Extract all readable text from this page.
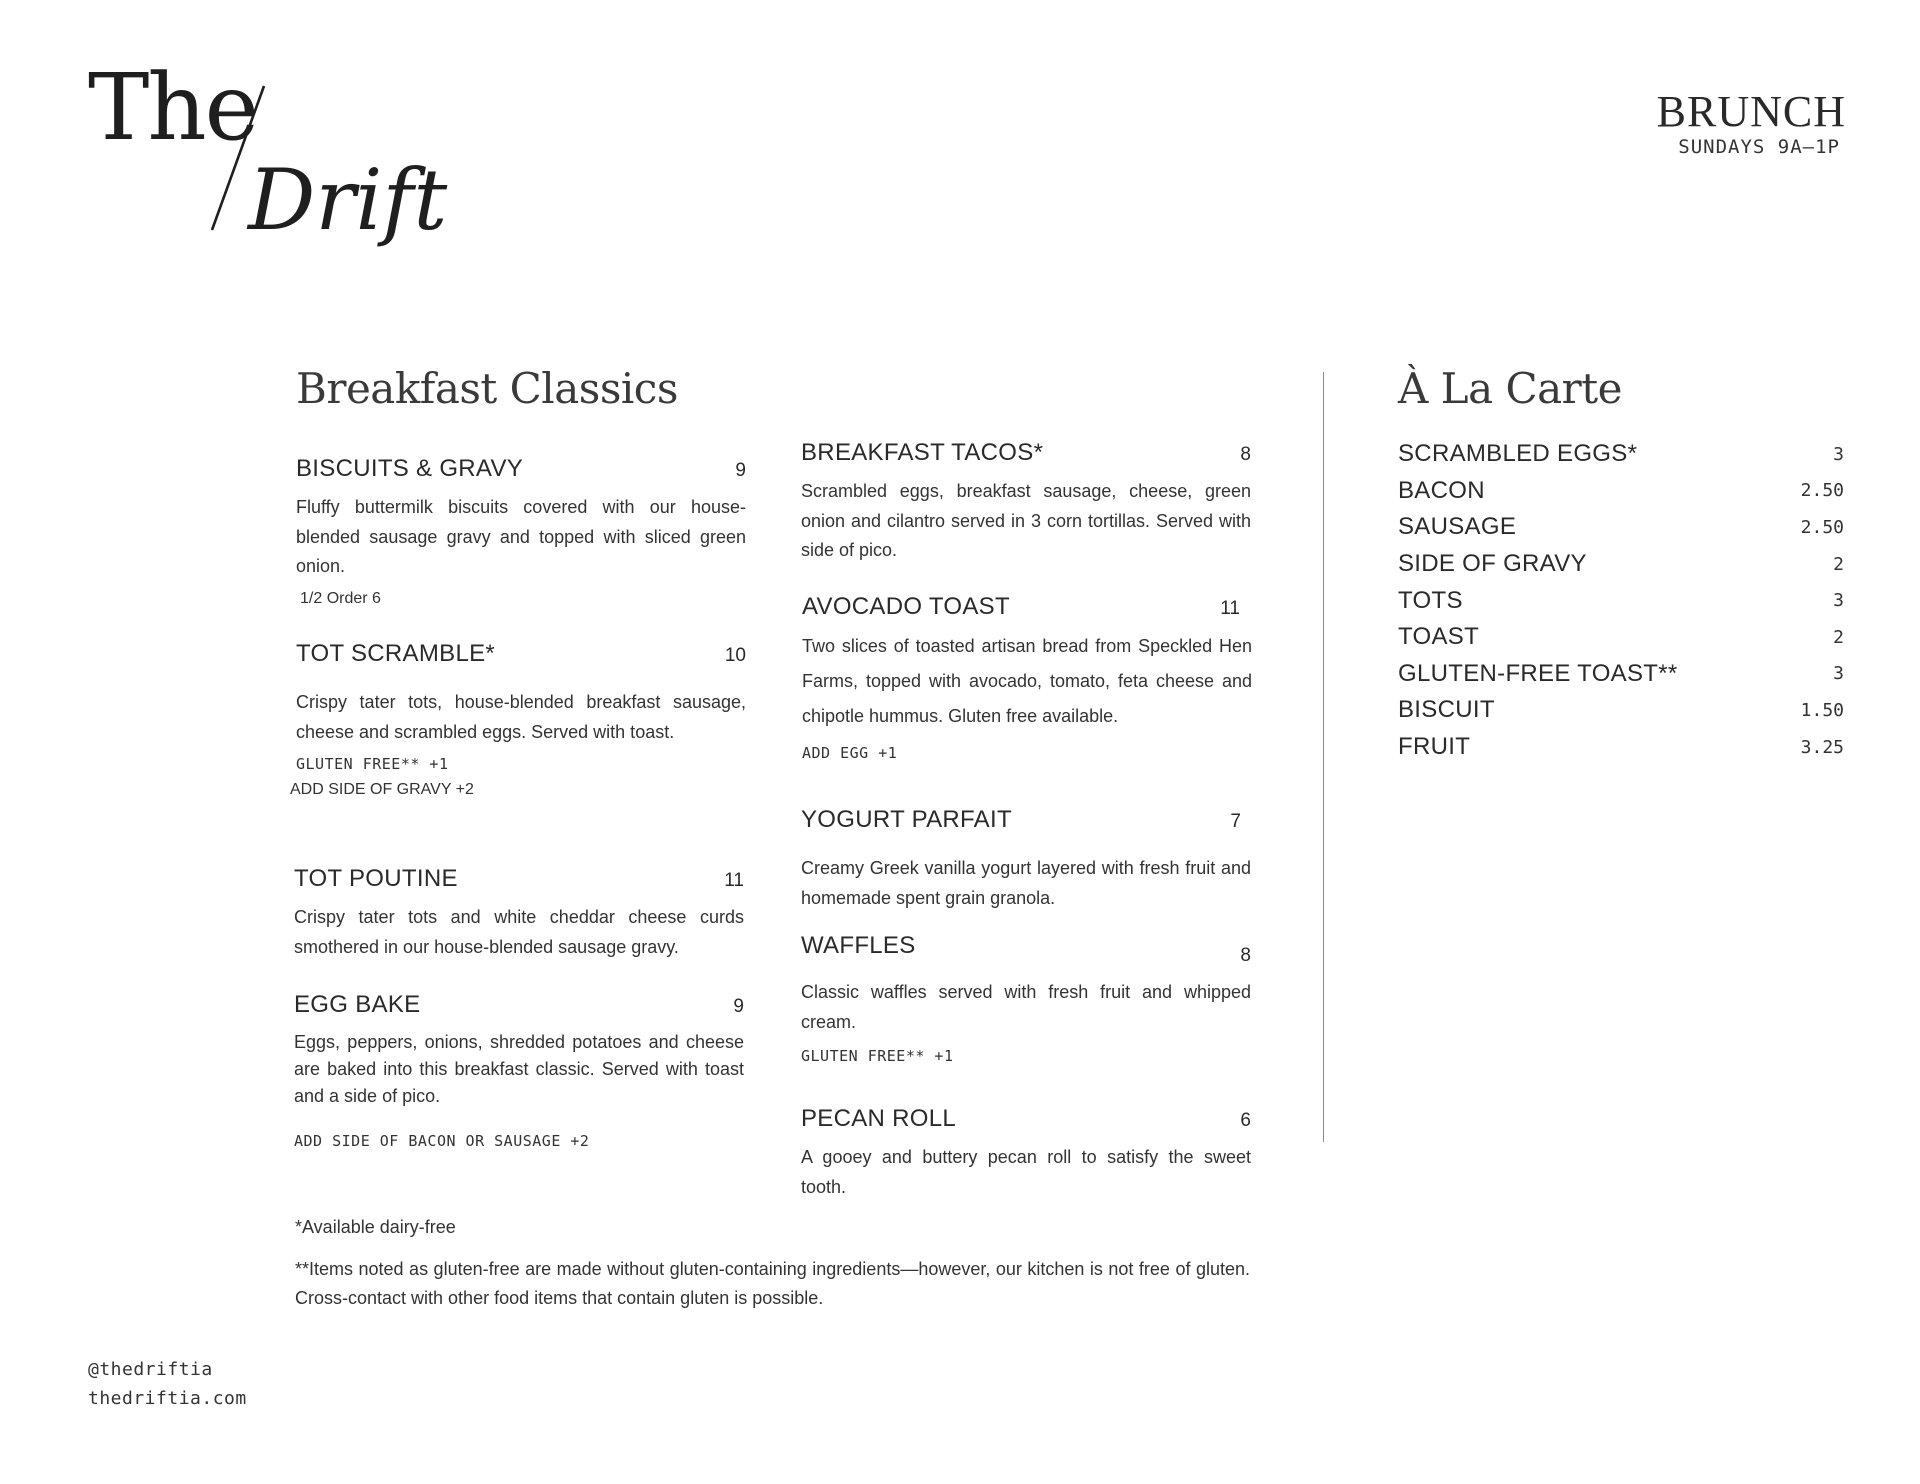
The
Drift
BRUNCH
SUNDAYS 9A–1P
Breakfast Classics
BISCUITS & GRAVY	9
Fluffy buttermilk biscuits covered with our house-blended sausage gravy and topped with sliced green onion.
1/2 Order 6
TOT SCRAMBLE*	10
Crispy tater tots, house-blended breakfast sausage, cheese and scrambled eggs. Served with toast.
GLUTEN FREE** +1
ADD SIDE OF GRAVY +2
TOT POUTINE	11
Crispy tater tots and white cheddar cheese curds smothered in our house-blended sausage gravy.
EGG BAKE	9
Eggs, peppers, onions, shredded potatoes and cheese are baked into this breakfast classic. Served with toast and a side of pico.
ADD SIDE OF BACON OR SAUSAGE +2
BREAKFAST TACOS*	8
Scrambled eggs, breakfast sausage, cheese, green onion and cilantro served in 3 corn tortillas. Served with side of pico.
AVOCADO TOAST	11
Two slices of toasted artisan bread from Speckled Hen Farms, topped with avocado, tomato, feta cheese and chipotle hummus. Gluten free available.
ADD EGG +1
YOGURT PARFAIT	7
Creamy Greek vanilla yogurt layered with fresh fruit and homemade spent grain granola.
WAFFLES	8
Classic waffles served with fresh fruit and whipped cream.
GLUTEN FREE** +1
PECAN ROLL	6
A gooey and buttery pecan roll to satisfy the sweet tooth.
À La Carte
SCRAMBLED EGGS*	3
BACON	2.50
SAUSAGE	2.50
SIDE OF GRAVY	2
TOTS	3
TOAST	2
GLUTEN-FREE TOAST**	3
BISCUIT	1.50
FRUIT	3.25
*Available dairy-free
**Items noted as gluten-free are made without gluten-containing ingredients—however, our kitchen is not free of gluten. Cross-contact with other food items that contain gluten is possible.
@thedriftia
thedriftia.com
